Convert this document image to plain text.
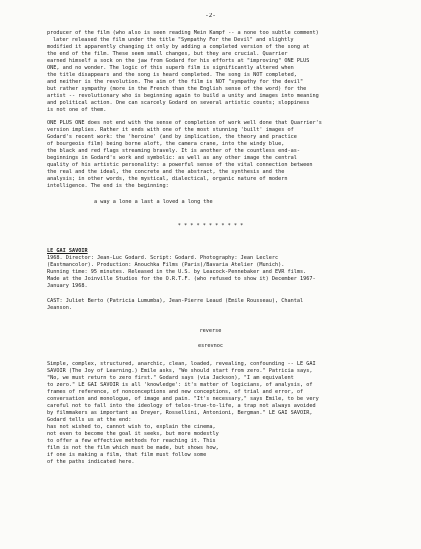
-2-
producer of the film (who also is seen reading Mein Kampf -- a none too subtle comment)
later released the film under the title "Sympathy For the Devil" and slightly
modified it apparently changing it only by adding a completed version of the song at
the end of the film. These seem small changes, but they are crucial. Quarrier
earned himself a sock on the jaw from Godard for his efforts at "improving" ONE PLUS
ONE, and no wonder. The logic of this superb film is significantly altered when
the title disappears and the song is heard completed. The song is NOT completed,
and neither is the revolution. The aim of the film is NOT "sympathy for the devil"
but rather sympathy (more in the French than the English sense of the word) for the
artist -- revolutionary who is beginning again to build a unity and images into meaning
and political action. One can scarcely Godard on several artistic counts; sloppiness
is not one of them.
ONE PLUS ONE does not end with the sense of completion of work well done that Quarrier's
version implies. Rather it ends with one of the most stunning 'built' images of
Godard's recent work: the 'heroine' (and by implication, the theory and practice
of bourgeois film) being borne aloft, the camera crane, into the windy blue,
the black and red flags streaming bravely. It is another of the countless end-as-
beginnings in Godard's work and symbolic: as well as any other image the central
quality of his artistic personality: a powerful sense of the vital connection between
the real and the ideal, the concrete and the abstract, the synthesis and the
analysis; in other words, the mystical, dialectical, organic nature of modern
intelligence. The end is the beginning:
a way a lone a last a loved a long the
* * * * * * * * * * *
LE GAI SAVOIR
1968. Director: Jean-Luc Godard. Script: Godard. Photography: Jean Leclerc
(Eastmancolor). Production: Anouchka Films (Paris)/Bavaria Atelier (Munich).
Running time: 95 minutes. Released in the U.S. by Leacock-Pennebaker and EVR films.
Made at the Joinville Studios for the O.R.T.F. (who refused to show it) December 1967-
January 1968.
CAST: Juliet Berto (Patricia Lumumba), Jean-Pierre Leaud (Emile Rousseau), Chantal
Jeanson.
reverse
esrevnoc
Simple, complex, structured, anarchic, clean, loaded, revealing, confounding -- LE GAI
SAVOIR (The Joy of Learning.) Emile asks, "We should start from zero." Patricia says,
"No, we must return to zero first." Godard says (via Jackson), "I am equivalent
to zero." LE GAI SAVOIR is all 'knowledge': it's matter of logicians, of analysis, of
frames of reference, of nonconceptions and new conceptions, of trial and error, of
conversation and monologue, of image and pain. "It's necessary," says Emile, to be very
careful not to fall into the ideology of telos-true-to-life, a trap not always avoided
by filmmakers as important as Dreyer, Rossellini, Antonioni, Bergman." LE GAI SAVOIR,
Godard tells us at the end:
has not wished to, cannot wish to, explain the cinema,
not even to become the goal it seeks, but more modestly
to offer a few effective methods for reaching it. This
film is not the film which must be made, but shows how,
if one is making a film, that film must follow some
of the paths indicated here.
